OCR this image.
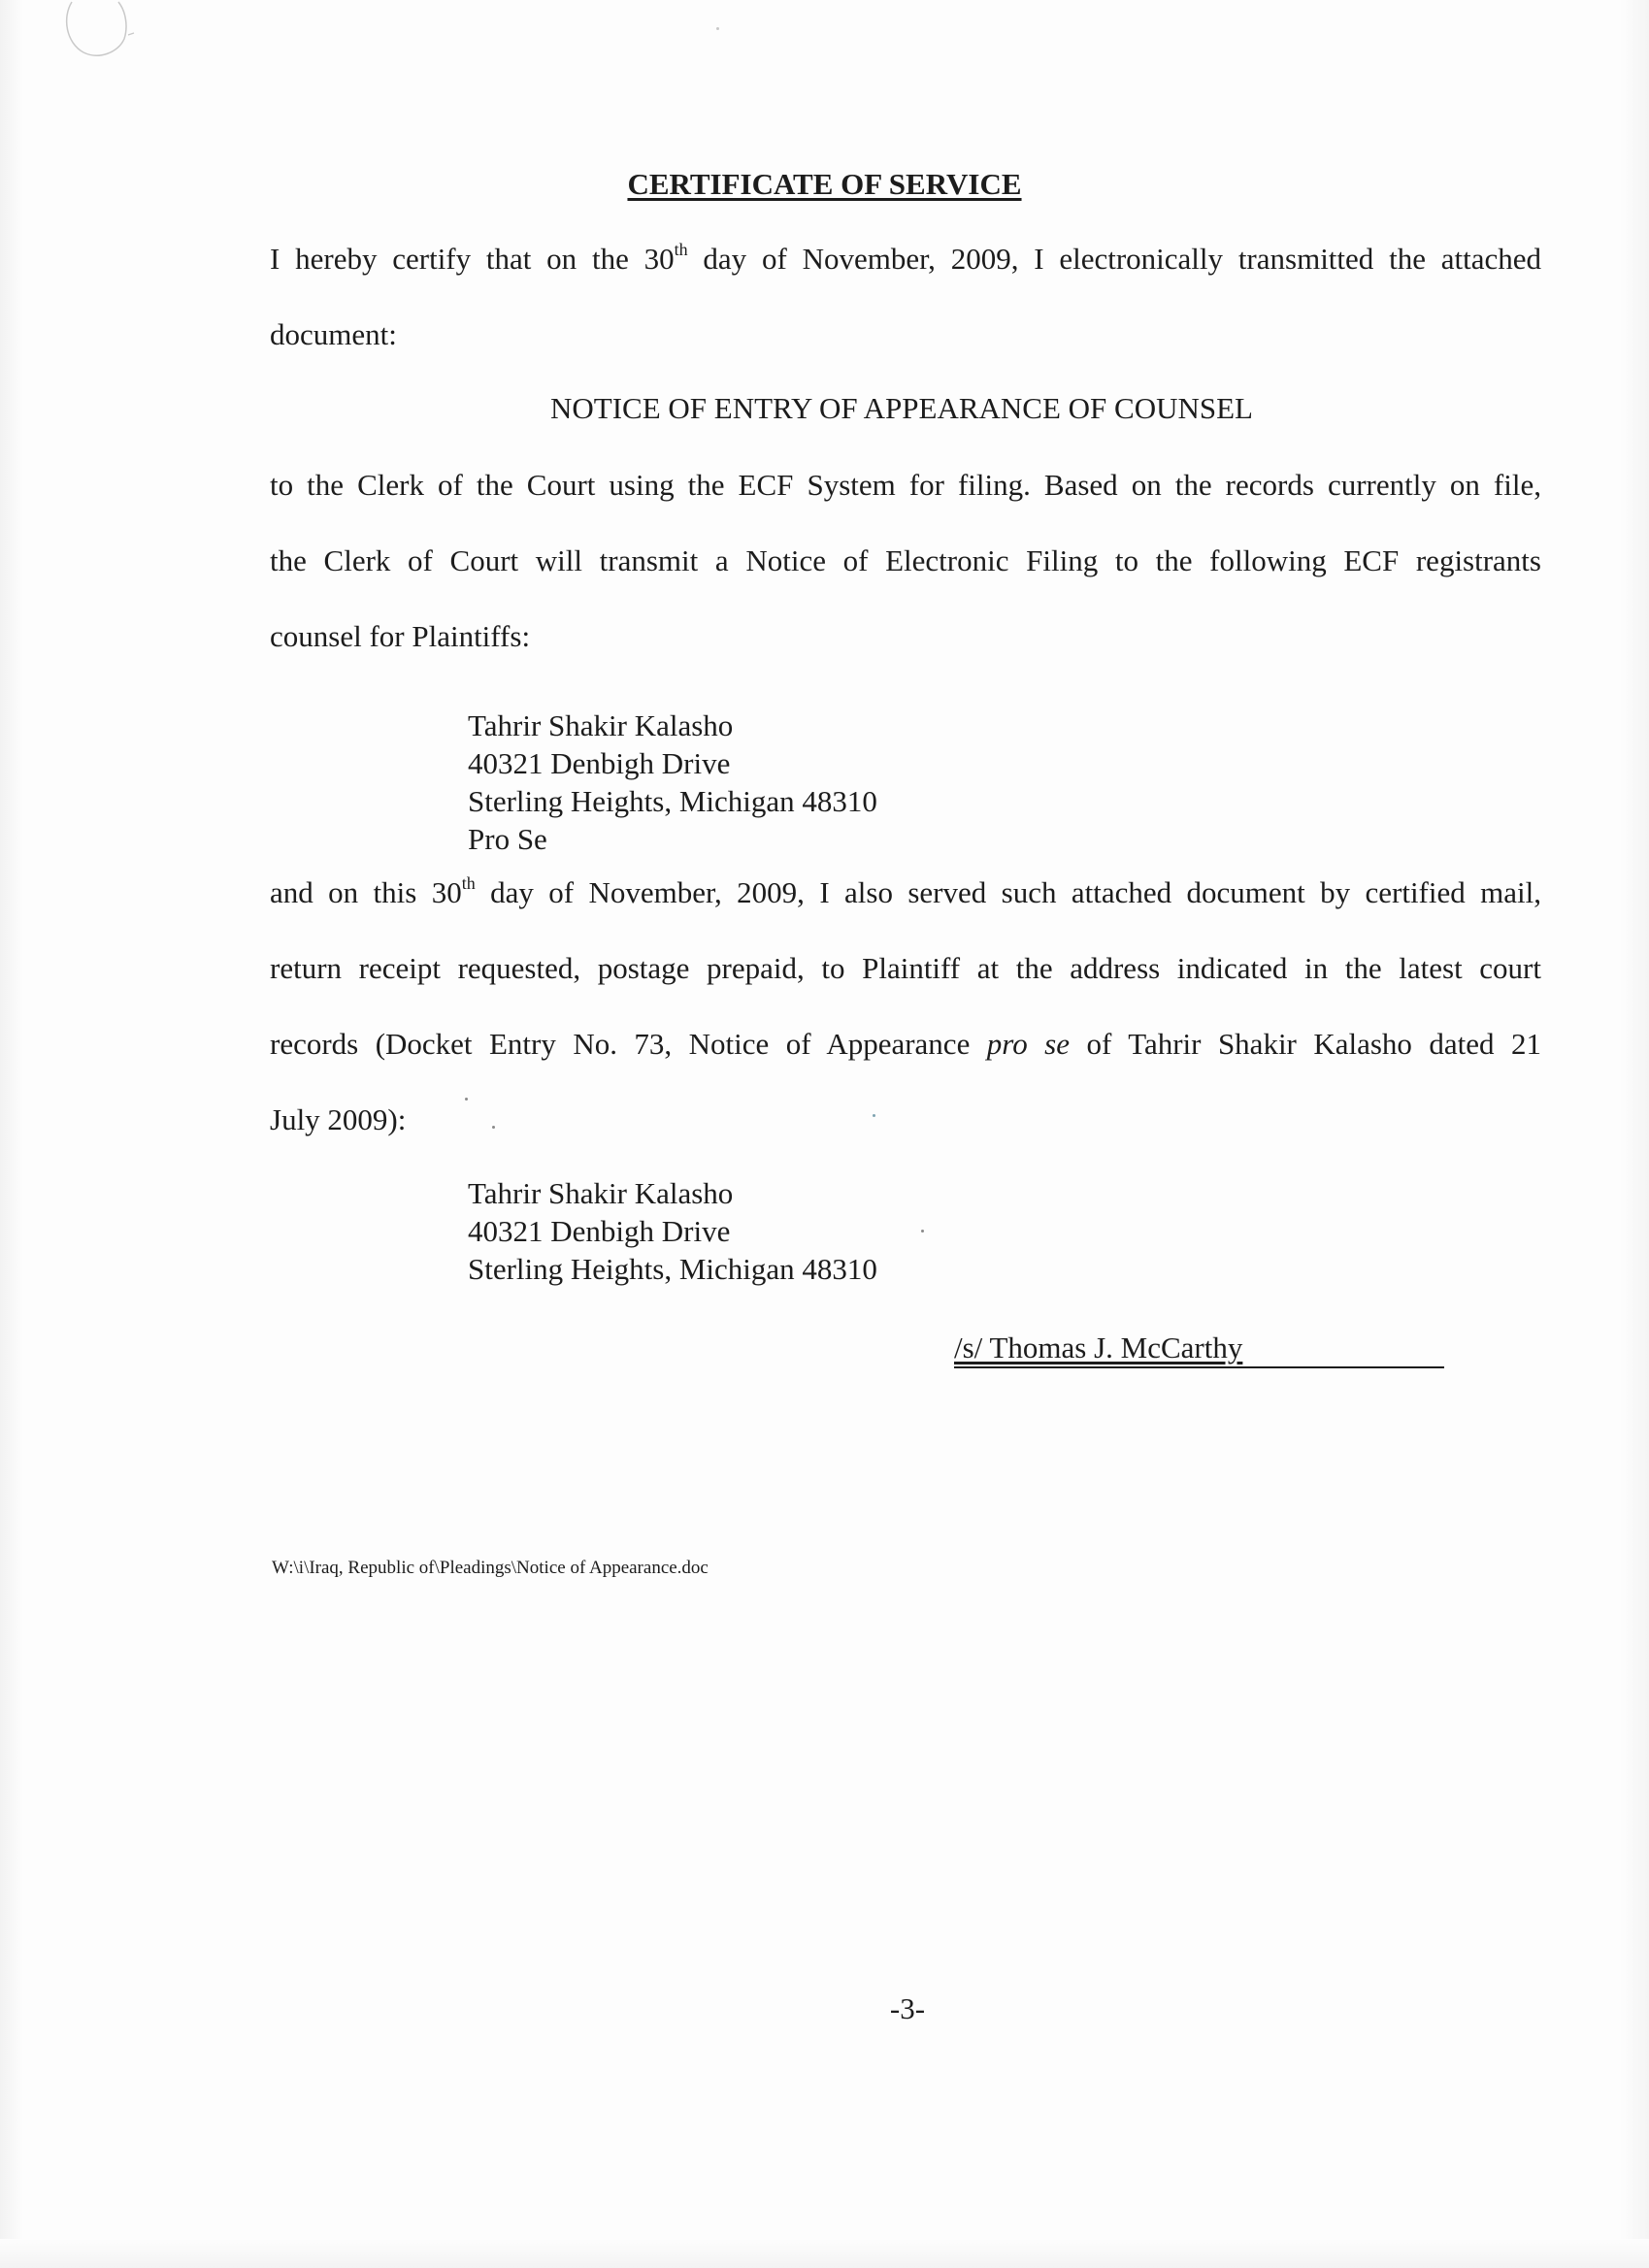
CERTIFICATE OF SERVICE

I hereby certify that on the 30th day of November, 2009, I electronically transmitted the attached
document:

NOTICE OF ENTRY OF APPEARANCE OF COUNSEL

to the Clerk of the Court using the ECF System for filing. Based on the records currently on file,
the Clerk of Court will transmit a Notice of Electronic Filing to the following ECF registrants
counsel for Plaintiffs:

Tahrir Shakir Kalasho
40321 Denbigh Drive
Sterling Heights, Michigan 48310
Pro Se

and on this 30th day of November, 2009, I also served such attached document by certified mail,
return receipt requested, postage prepaid, to Plaintiff at the address indicated in the latest court
records (Docket Entry No. 73, Notice of Appearance pro se of Tahrir Shakir Kalasho dated 21
July 2009):

Tahrir Shakir Kalasho
40321 Denbigh Drive
Sterling Heights, Michigan 48310
/s/ Thomas J. McCarthy
W:\i\Iraq, Republic of\Pleadings\Notice of Appearance.doc
-3-
